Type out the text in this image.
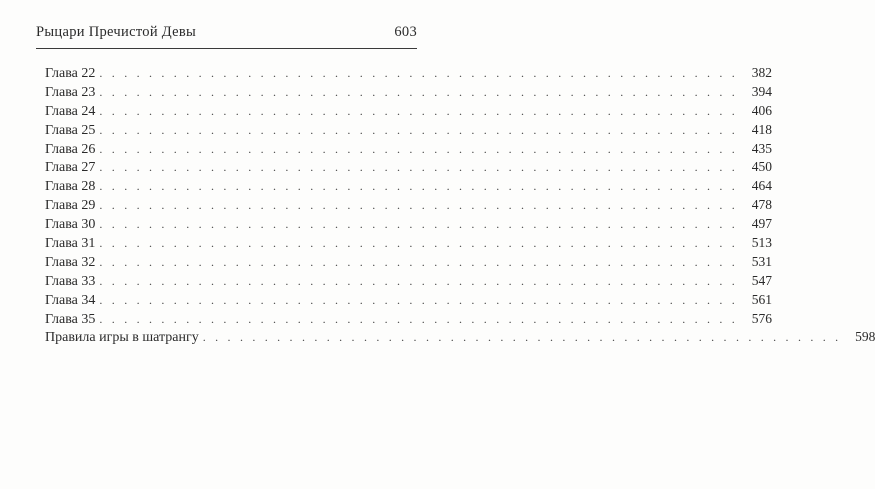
Рыцари Пречистой Девы	603
Глава 22 . . . . . . . . . . . . . . . . . . . . . . . . . . . . . . . . . . . . . . . . . . . . . . . . . . . .	382
Глава 23 . . . . . . . . . . . . . . . . . . . . . . . . . . . . . . . . . . . . . . . . . . . . . . . . . . . .	394
Глава 24 . . . . . . . . . . . . . . . . . . . . . . . . . . . . . . . . . . . . . . . . . . . . . . . . . . . .	406
Глава 25 . . . . . . . . . . . . . . . . . . . . . . . . . . . . . . . . . . . . . . . . . . . . . . . . . . . .	418
Глава 26 . . . . . . . . . . . . . . . . . . . . . . . . . . . . . . . . . . . . . . . . . . . . . . . . . . . .	435
Глава 27 . . . . . . . . . . . . . . . . . . . . . . . . . . . . . . . . . . . . . . . . . . . . . . . . . . . .	450
Глава 28 . . . . . . . . . . . . . . . . . . . . . . . . . . . . . . . . . . . . . . . . . . . . . . . . . . . .	464
Глава 29 . . . . . . . . . . . . . . . . . . . . . . . . . . . . . . . . . . . . . . . . . . . . . . . . . . . .	478
Глава 30 . . . . . . . . . . . . . . . . . . . . . . . . . . . . . . . . . . . . . . . . . . . . . . . . . . . .	497
Глава 31 . . . . . . . . . . . . . . . . . . . . . . . . . . . . . . . . . . . . . . . . . . . . . . . . . . . .	513
Глава 32 . . . . . . . . . . . . . . . . . . . . . . . . . . . . . . . . . . . . . . . . . . . . . . . . . . . .	531
Глава 33 . . . . . . . . . . . . . . . . . . . . . . . . . . . . . . . . . . . . . . . . . . . . . . . . . . . .	547
Глава 34 . . . . . . . . . . . . . . . . . . . . . . . . . . . . . . . . . . . . . . . . . . . . . . . . . . . .	561
Глава 35 . . . . . . . . . . . . . . . . . . . . . . . . . . . . . . . . . . . . . . . . . . . . . . . . . . . .	576
Правила игры в шатрангу . . . . . . . . . . . . . . . . . . . . . . . . . . . . . . . . . . . . . . . . . . . . . . . . . . . .	598
